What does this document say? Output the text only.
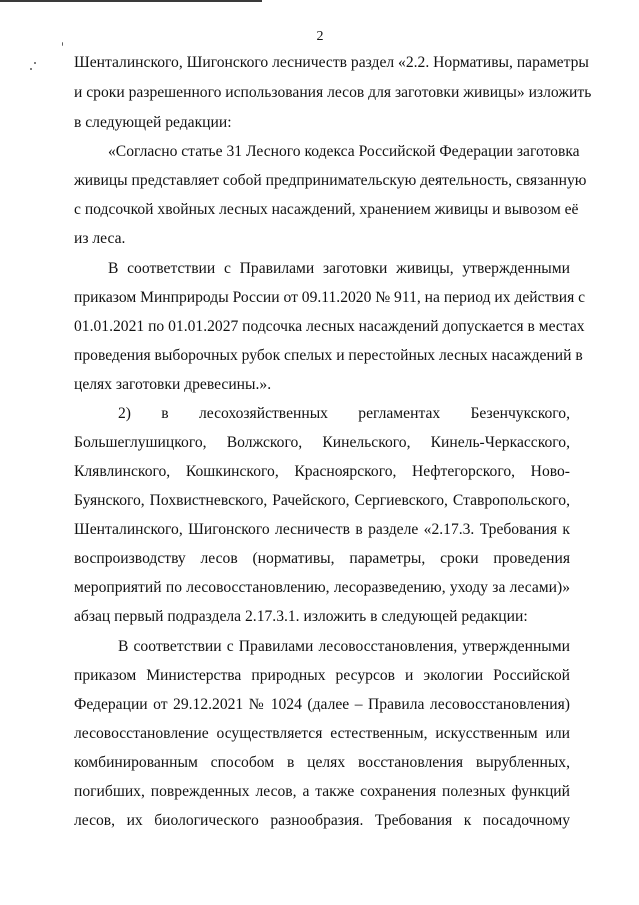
2
Шенталинского, Шигонского лесничеств раздел «2.2. Нормативы, параметры
и сроки разрешенного использования лесов для заготовки живицы» изложить
в следующей редакции:
«Согласно статье 31 Лесного кодекса Российской Федерации заготовка
живицы представляет собой предпринимательскую деятельность, связанную
с подсочкой хвойных лесных насаждений, хранением живицы и вывозом её
из леса.
В соответствии с Правилами заготовки живицы, утвержденными
приказом Минприроды России от 09.11.2020 № 911, на период их действия с
01.01.2021 по 01.01.2027 подсочка лесных насаждений допускается в местах
проведения выборочных рубок спелых и перестойных лесных насаждений в
целях заготовки древесины.».
2) в лесохозяйственных регламентах Безенчукского,
Большеглушицкого, Волжского, Кинельского, Кинель-Черкасского,
Клявлинского, Кошкинского, Красноярского, Нефтегорского, Ново-
Буянского, Похвистневского, Рачейского, Сергиевского, Ставропольского,
Шенталинского, Шигонского лесничеств в разделе «2.17.3. Требования к
воспроизводству лесов (нормативы, параметры, сроки проведения
мероприятий по лесовосстановлению, лесоразведению, уходу за лесами)»
абзац первый подраздела 2.17.3.1. изложить в следующей редакции:
В соответствии с Правилами лесовосстановления, утвержденными
приказом Министерства природных ресурсов и экологии Российской
Федерации от 29.12.2021 № 1024 (далее – Правила лесовосстановления)
лесовосстановление осуществляется естественным, искусственным или
комбинированным способом в целях восстановления вырубленных,
погибших, поврежденных лесов, а также сохранения полезных функций
лесов, их биологического разнообразия. Требования к посадочному
